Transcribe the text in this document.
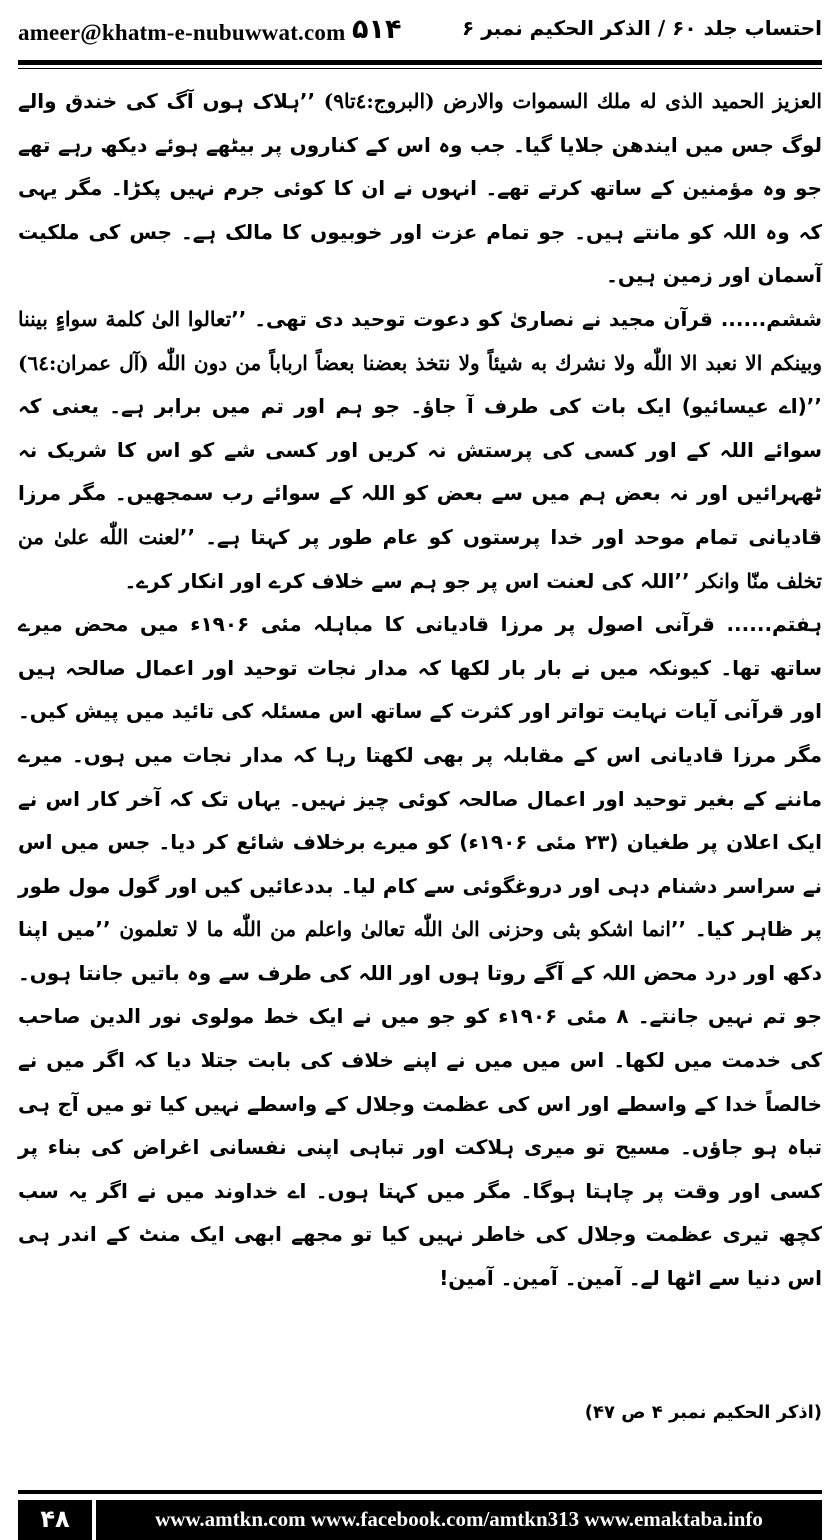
ameer@khatm-e-nubuwwat.com ۵۱۴	احتساب جلد ۶۰ / الذکر الحکیم نمبر ۶

العزیز الحمید الذی له ملك السموات والارض (البروج:٤تا٩) ’’ہلاک ہوں آگ کی خندق والے لوگ جس میں ایندھن جلایا گیا۔ جب وہ اس کے کناروں پر بیٹھے ہوئے دیکھ رہے تھے جو وہ مؤمنین کے ساتھ کرتے تھے۔ انہوں نے ان کا کوئی جرم نہیں پکڑا۔ مگر یہی کہ وہ اللہ کو مانتے ہیں۔ جو تمام عزت اور خوبیوں کا مالک ہے۔ جس کی ملکیت آسمان اور زمین ہیں۔

ششم...... قرآن مجید نے نصاریٰ کو دعوت توحید دی تھی۔ ’’تعالوا الیٰ کلمة سواءٍ بیننا وبینکم الا نعبد الا اللّٰه ولا نشرك به شیئاً ولا نتخذ بعضنا بعضاً ارباباً من دون اللّٰه (آل عمران:٦٤) ’’(اے عیسائیو) ایک بات کی طرف آ جاؤ۔ جو ہم اور تم میں برابر ہے۔ یعنی کہ سوائے اللہ کے اور کسی کی پرستش نہ کریں اور کسی شے کو اس کا شریک نہ ٹھہرائیں اور نہ بعض ہم میں سے بعض کو اللہ کے سوائے رب سمجھیں۔ مگر مرزا قادیانی تمام موحد اور خدا پرستوں کو عام طور پر کہتا ہے۔ ’’لعنت اللّٰه علیٰ من تخلف منّا وانکر ’’اللہ کی لعنت اس پر جو ہم سے خلاف کرے اور انکار کرے۔

ہفتم...... قرآنی اصول پر مرزا قادیانی کا مباہلہ مئی ۱۹۰۶ء میں محض میرے ساتھ تھا۔ کیونکہ میں نے بار بار لکھا کہ مدار نجات توحید اور اعمال صالحہ ہیں اور قرآنی آیات نہایت تواتر اور کثرت کے ساتھ اس مسئلہ کی تائید میں پیش کیں۔ مگر مرزا قادیانی اس کے مقابلہ پر بھی لکھتا رہا کہ مدار نجات میں ہوں۔ میرے ماننے کے بغیر توحید اور اعمال صالحہ کوئی چیز نہیں۔ یہاں تک کہ آخر کار اس نے ایک اعلان پر طغیان (۲۳ مئی ۱۹۰۶ء) کو میرے برخلاف شائع کر دیا۔ جس میں اس نے سراسر دشنام دہی اور دروغگوئی سے کام لیا۔ بددعائیں کیں اور گول مول طور پر ظاہر کیا۔ ’’انما اشکو بثی وحزنی الیٰ اللّٰه تعالیٰ واعلم من اللّٰه ما لا تعلمون ’’میں اپنا دکھ اور درد محض اللہ کے آگے روتا ہوں اور اللہ کی طرف سے وہ باتیں جانتا ہوں۔ جو تم نہیں جانتے۔ ۸ مئی ۱۹۰۶ء کو جو میں نے ایک خط مولوی نور الدین صاحب کی خدمت میں لکھا۔ اس میں میں نے اپنے خلاف کی بابت جتلا دیا کہ اگر میں نے خالصاً خدا کے واسطے اور اس کی عظمت وجلال کے واسطے نہیں کیا تو میں آج ہی تباہ ہو جاؤں۔ مسیح تو میری ہلاکت اور تباہی اپنی نفسانی اغراض کی بناء پر کسی اور وقت پر چاہتا ہوگا۔ مگر میں کہتا ہوں۔ اے خداوند میں نے اگر یہ سب کچھ تیری عظمت وجلال کی خاطر نہیں کیا تو مجھے ابھی ایک منٹ کے اندر ہی اس دنیا سے اٹھا لے۔ آمین۔ آمین۔ آمین!

(اذکر الحکیم نمبر ۴ ص ۴۷)
۴۸	www.amtkn.com www.facebook.com/amtkn313 www.emaktaba.info
